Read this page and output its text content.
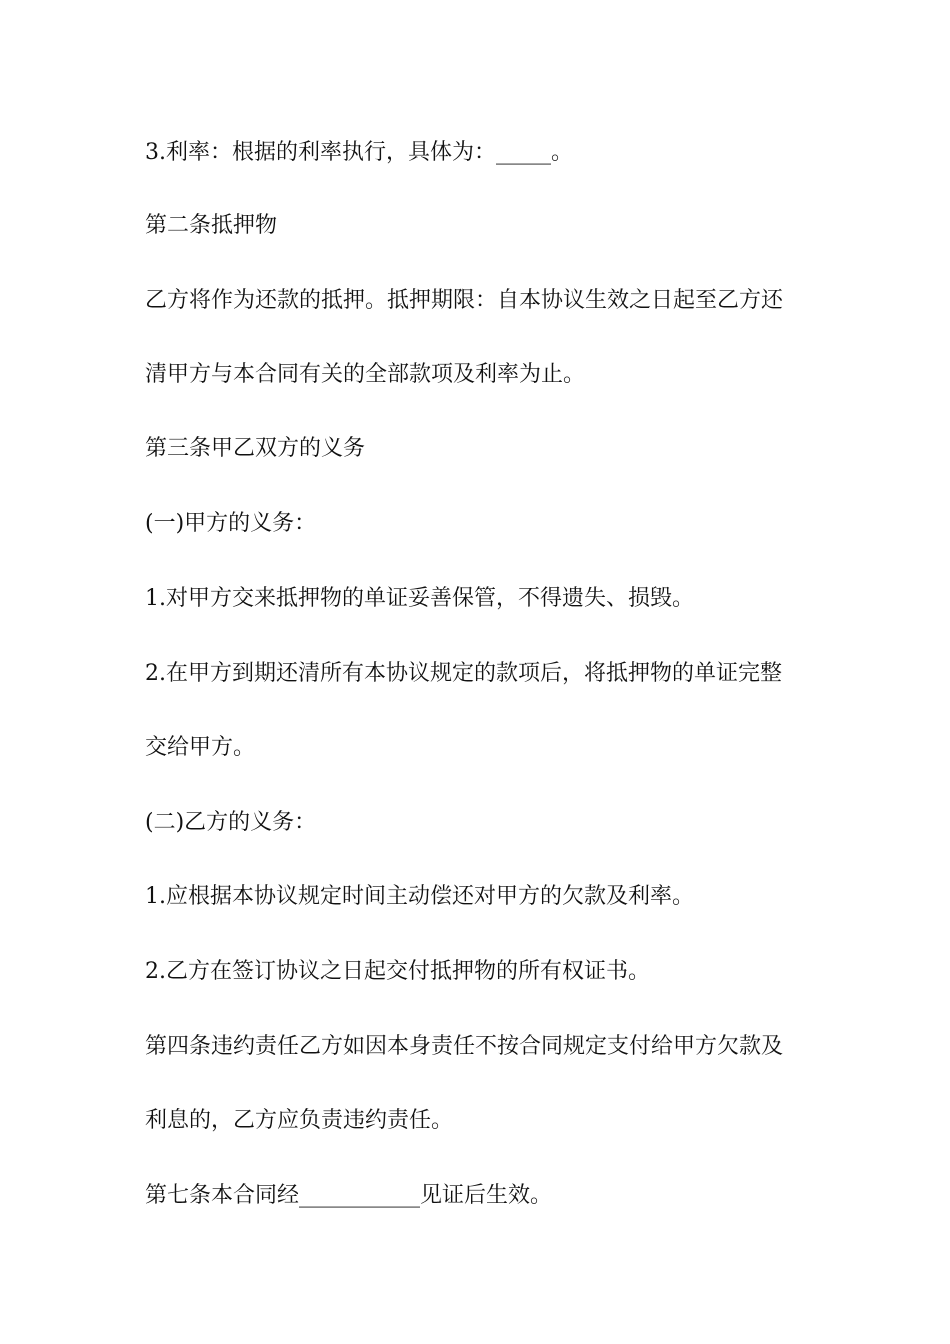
3.利率：根据的利率执行，具体为：_____。

第二条抵押物

乙方将作为还款的抵押。抵押期限：自本协议生效之日起至乙方还

清甲方与本合同有关的全部款项及利率为止。

第三条甲乙双方的义务

(一)甲方的义务：

1.对甲方交来抵押物的单证妥善保管，不得遗失、损毁。

2.在甲方到期还清所有本协议规定的款项后，将抵押物的单证完整

交给甲方。

(二)乙方的义务：

1.应根据本协议规定时间主动偿还对甲方的欠款及利率。

2.乙方在签订协议之日起交付抵押物的所有权证书。

第四条违约责任乙方如因本身责任不按合同规定支付给甲方欠款及

利息的，乙方应负责违约责任。

第七条本合同经___________见证后生效。
